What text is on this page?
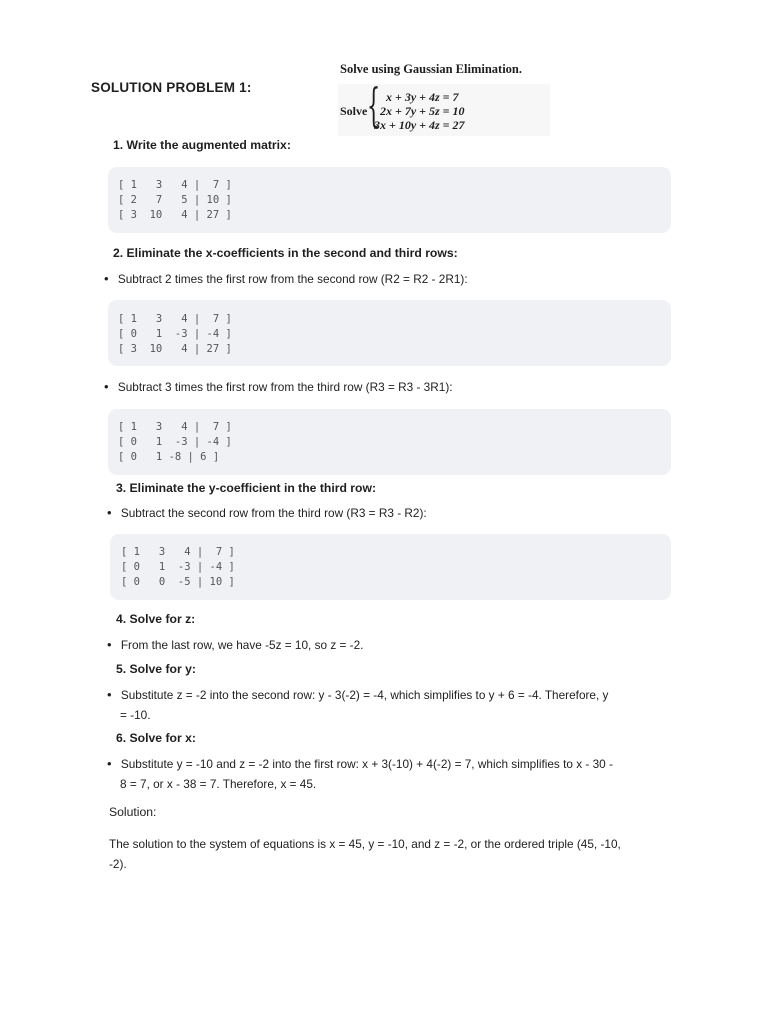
Solve using Gaussian Elimination.
Solve { x + 3y + 4z = 7
2x + 7y + 5z = 10
3x + 10y + 4z = 27
SOLUTION PROBLEM 1:
1. Write the augmented matrix:
[ 1   3   4 |  7 ]
[ 2   7   5 | 10 ]
[ 3  10   4 | 27 ]
2. Eliminate the x-coefficients in the second and third rows:
• Subtract 2 times the first row from the second row (R2 = R2 - 2R1):
[ 1   3   4 |  7 ]
[ 0   1  -3 | -4 ]
[ 3  10   4 | 27 ]
• Subtract 3 times the first row from the third row (R3 = R3 - 3R1):
[ 1   3   4 |  7 ]
[ 0   1  -3 | -4 ]
[ 0   1 -8 | 6 ]
3. Eliminate the y-coefficient in the third row:
• Subtract the second row from the third row (R3 = R3 - R2):
[ 1   3   4 |  7 ]
[ 0   1  -3 | -4 ]
[ 0   0  -5 | 10 ]
4. Solve for z:
• From the last row, we have -5z = 10, so z = -2.
5. Solve for y:
• Substitute z = -2 into the second row: y - 3(-2) = -4, which simplifies to y + 6 = -4. Therefore, y
= -10.
6. Solve for x:
• Substitute y = -10 and z = -2 into the first row: x + 3(-10) + 4(-2) = 7, which simplifies to x - 30 -
8 = 7, or x - 38 = 7. Therefore, x = 45.
Solution:
The solution to the system of equations is x = 45, y = -10, and z = -2, or the ordered triple (45, -10,
-2).
